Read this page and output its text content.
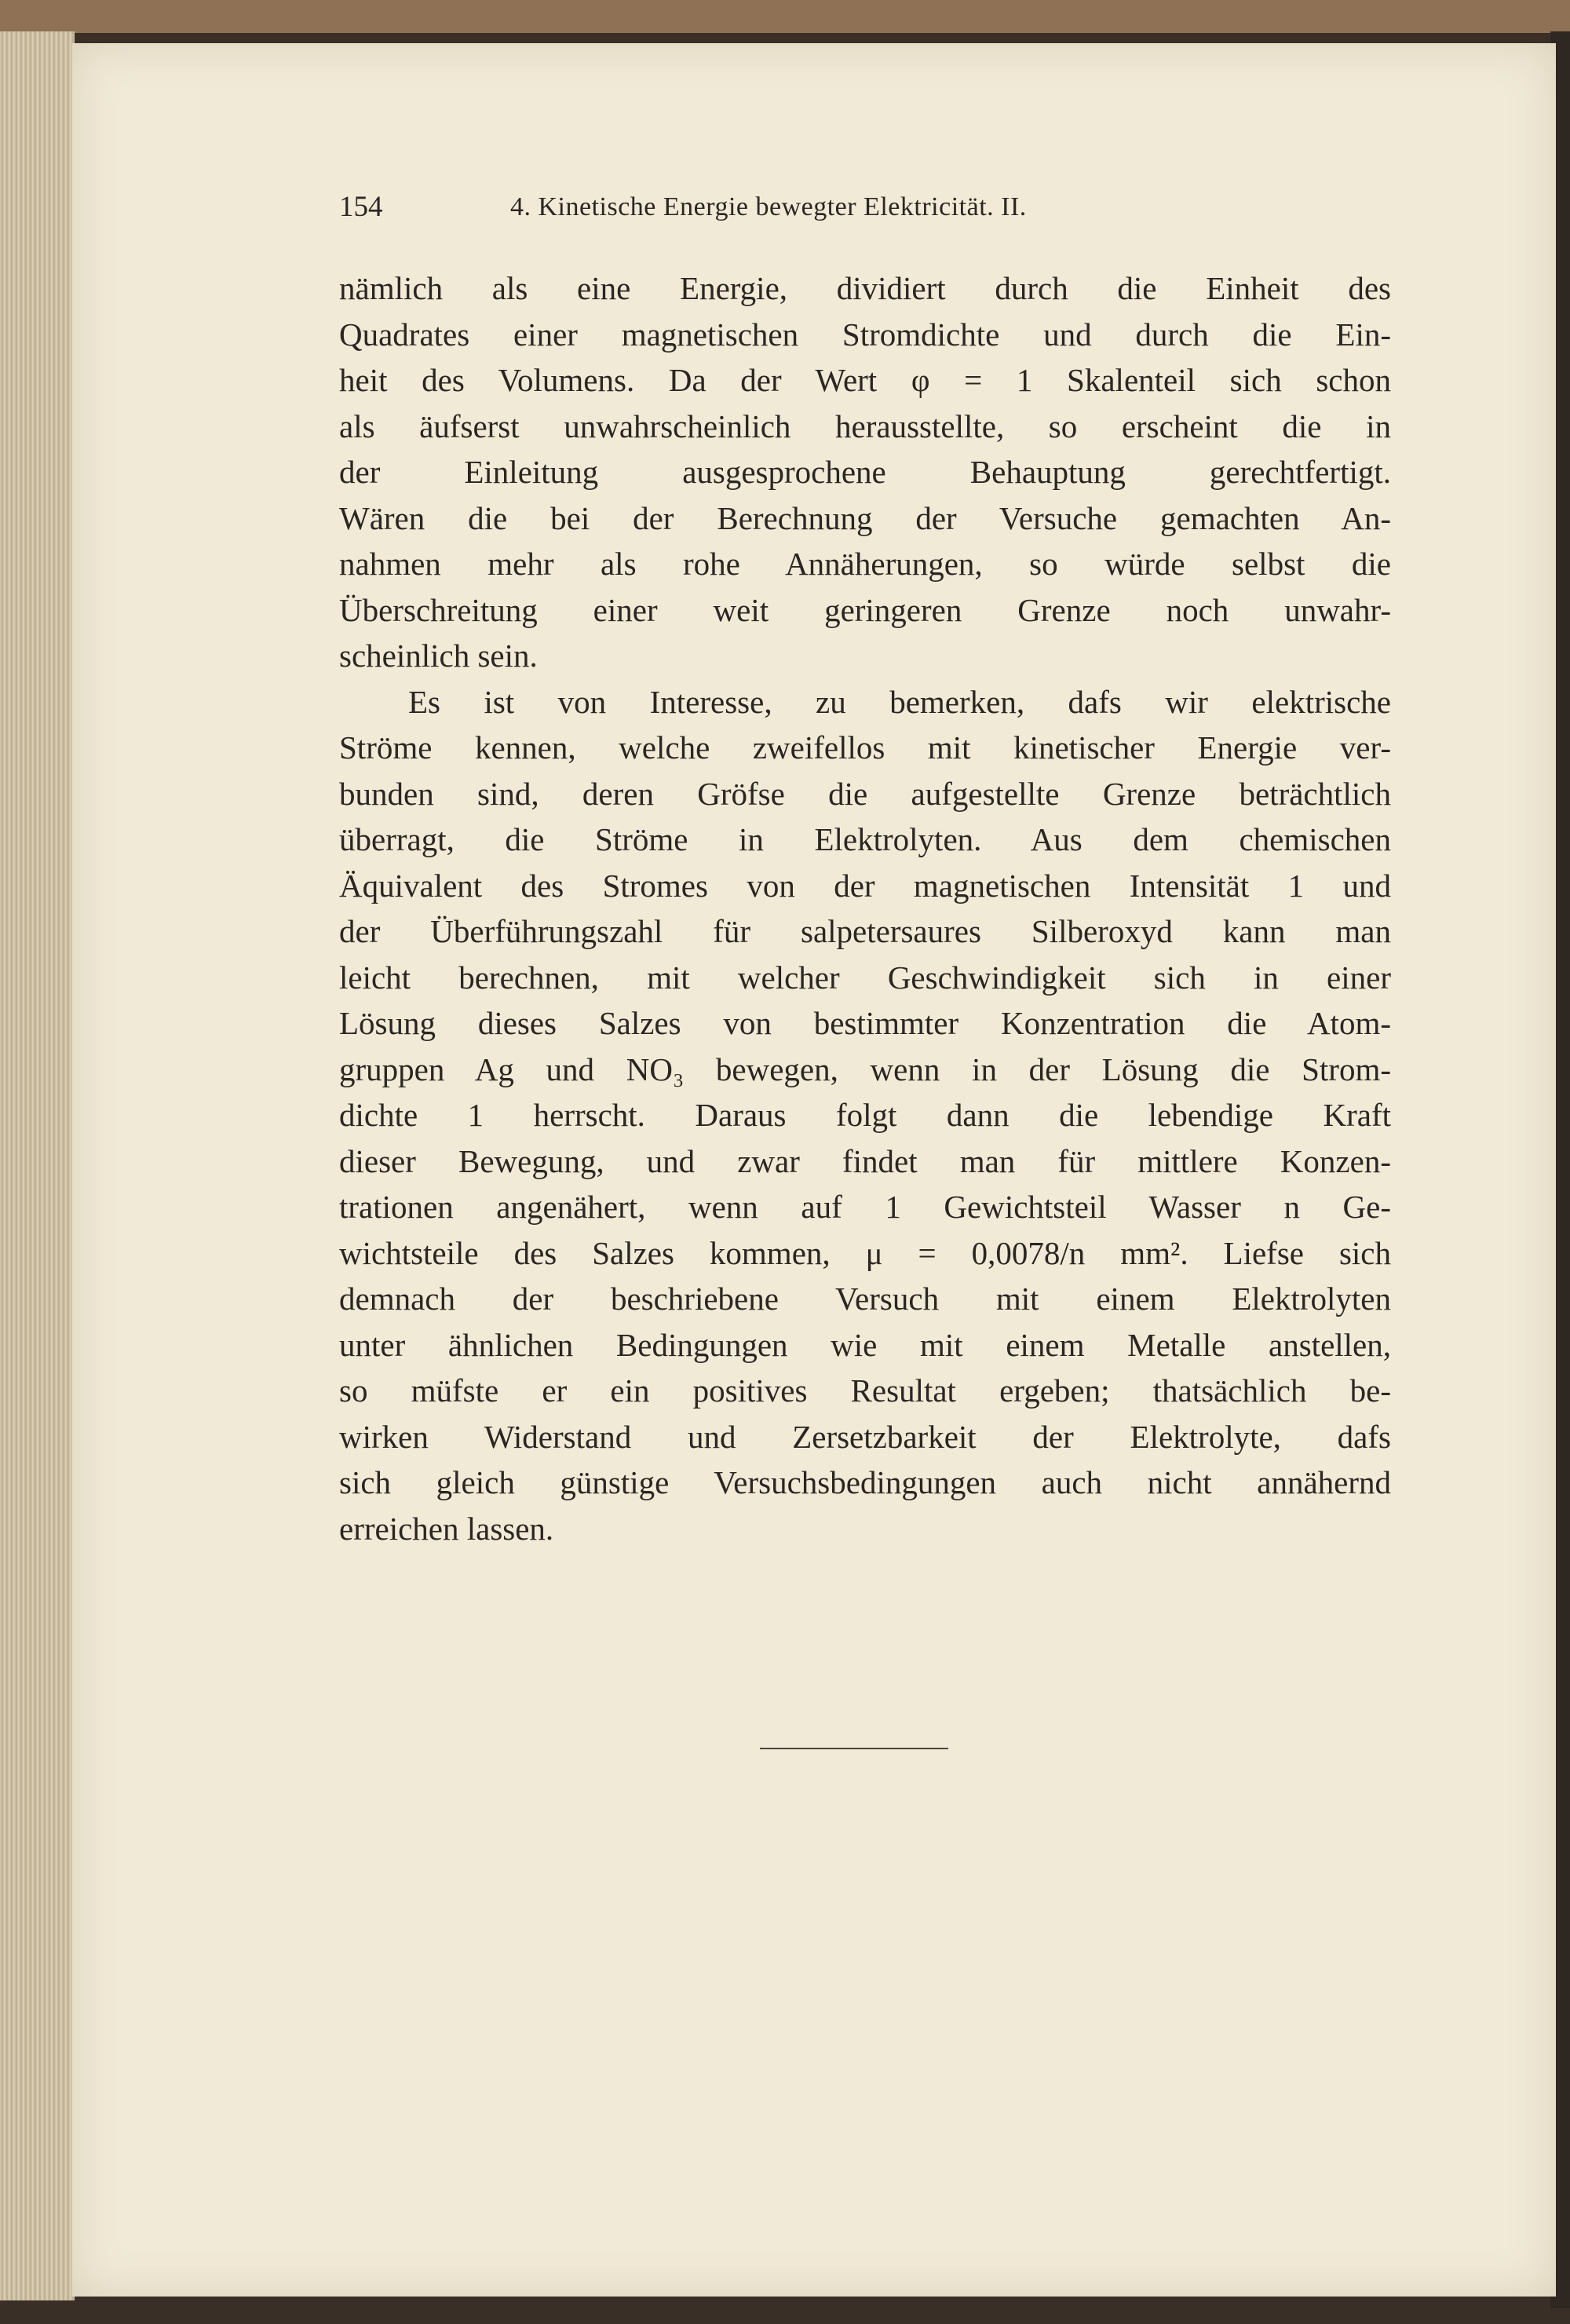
154	4. Kinetische Energie bewegter Elektricität. II.
nämlich als eine Energie, dividiert durch die Einheit des
Quadrates einer magnetischen Stromdichte und durch die Ein-
heit des Volumens. Da der Wert φ = 1 Skalenteil sich schon
als äufserst unwahrscheinlich herausstellte, so erscheint die in
der Einleitung ausgesprochene Behauptung gerechtfertigt.
Wären die bei der Berechnung der Versuche gemachten An-
nahmen mehr als rohe Annäherungen, so würde selbst die
Überschreitung einer weit geringeren Grenze noch unwahr-
scheinlich sein.
Es ist von Interesse, zu bemerken, dafs wir elektrische
Ströme kennen, welche zweifellos mit kinetischer Energie ver-
bunden sind, deren Gröfse die aufgestellte Grenze beträchtlich
überragt, die Ströme in Elektrolyten. Aus dem chemischen
Äquivalent des Stromes von der magnetischen Intensität 1 und
der Überführungszahl für salpetersaures Silberoxyd kann man
leicht berechnen, mit welcher Geschwindigkeit sich in einer
Lösung dieses Salzes von bestimmter Konzentration die Atom-
gruppen Ag und NO₃ bewegen, wenn in der Lösung die Strom-
dichte 1 herrscht. Daraus folgt dann die lebendige Kraft
dieser Bewegung, und zwar findet man für mittlere Konzen-
trationen angenähert, wenn auf 1 Gewichtsteil Wasser n Ge-
wichtsteile des Salzes kommen, μ = 0,0078/n mm². Liefse sich
demnach der beschriebene Versuch mit einem Elektrolyten
unter ähnlichen Bedingungen wie mit einem Metalle anstellen,
so müfste er ein positives Resultat ergeben; thatsächlich be-
wirken Widerstand und Zersetzbarkeit der Elektrolyte, dafs
sich gleich günstige Versuchsbedingungen auch nicht annähernd
erreichen lassen.
